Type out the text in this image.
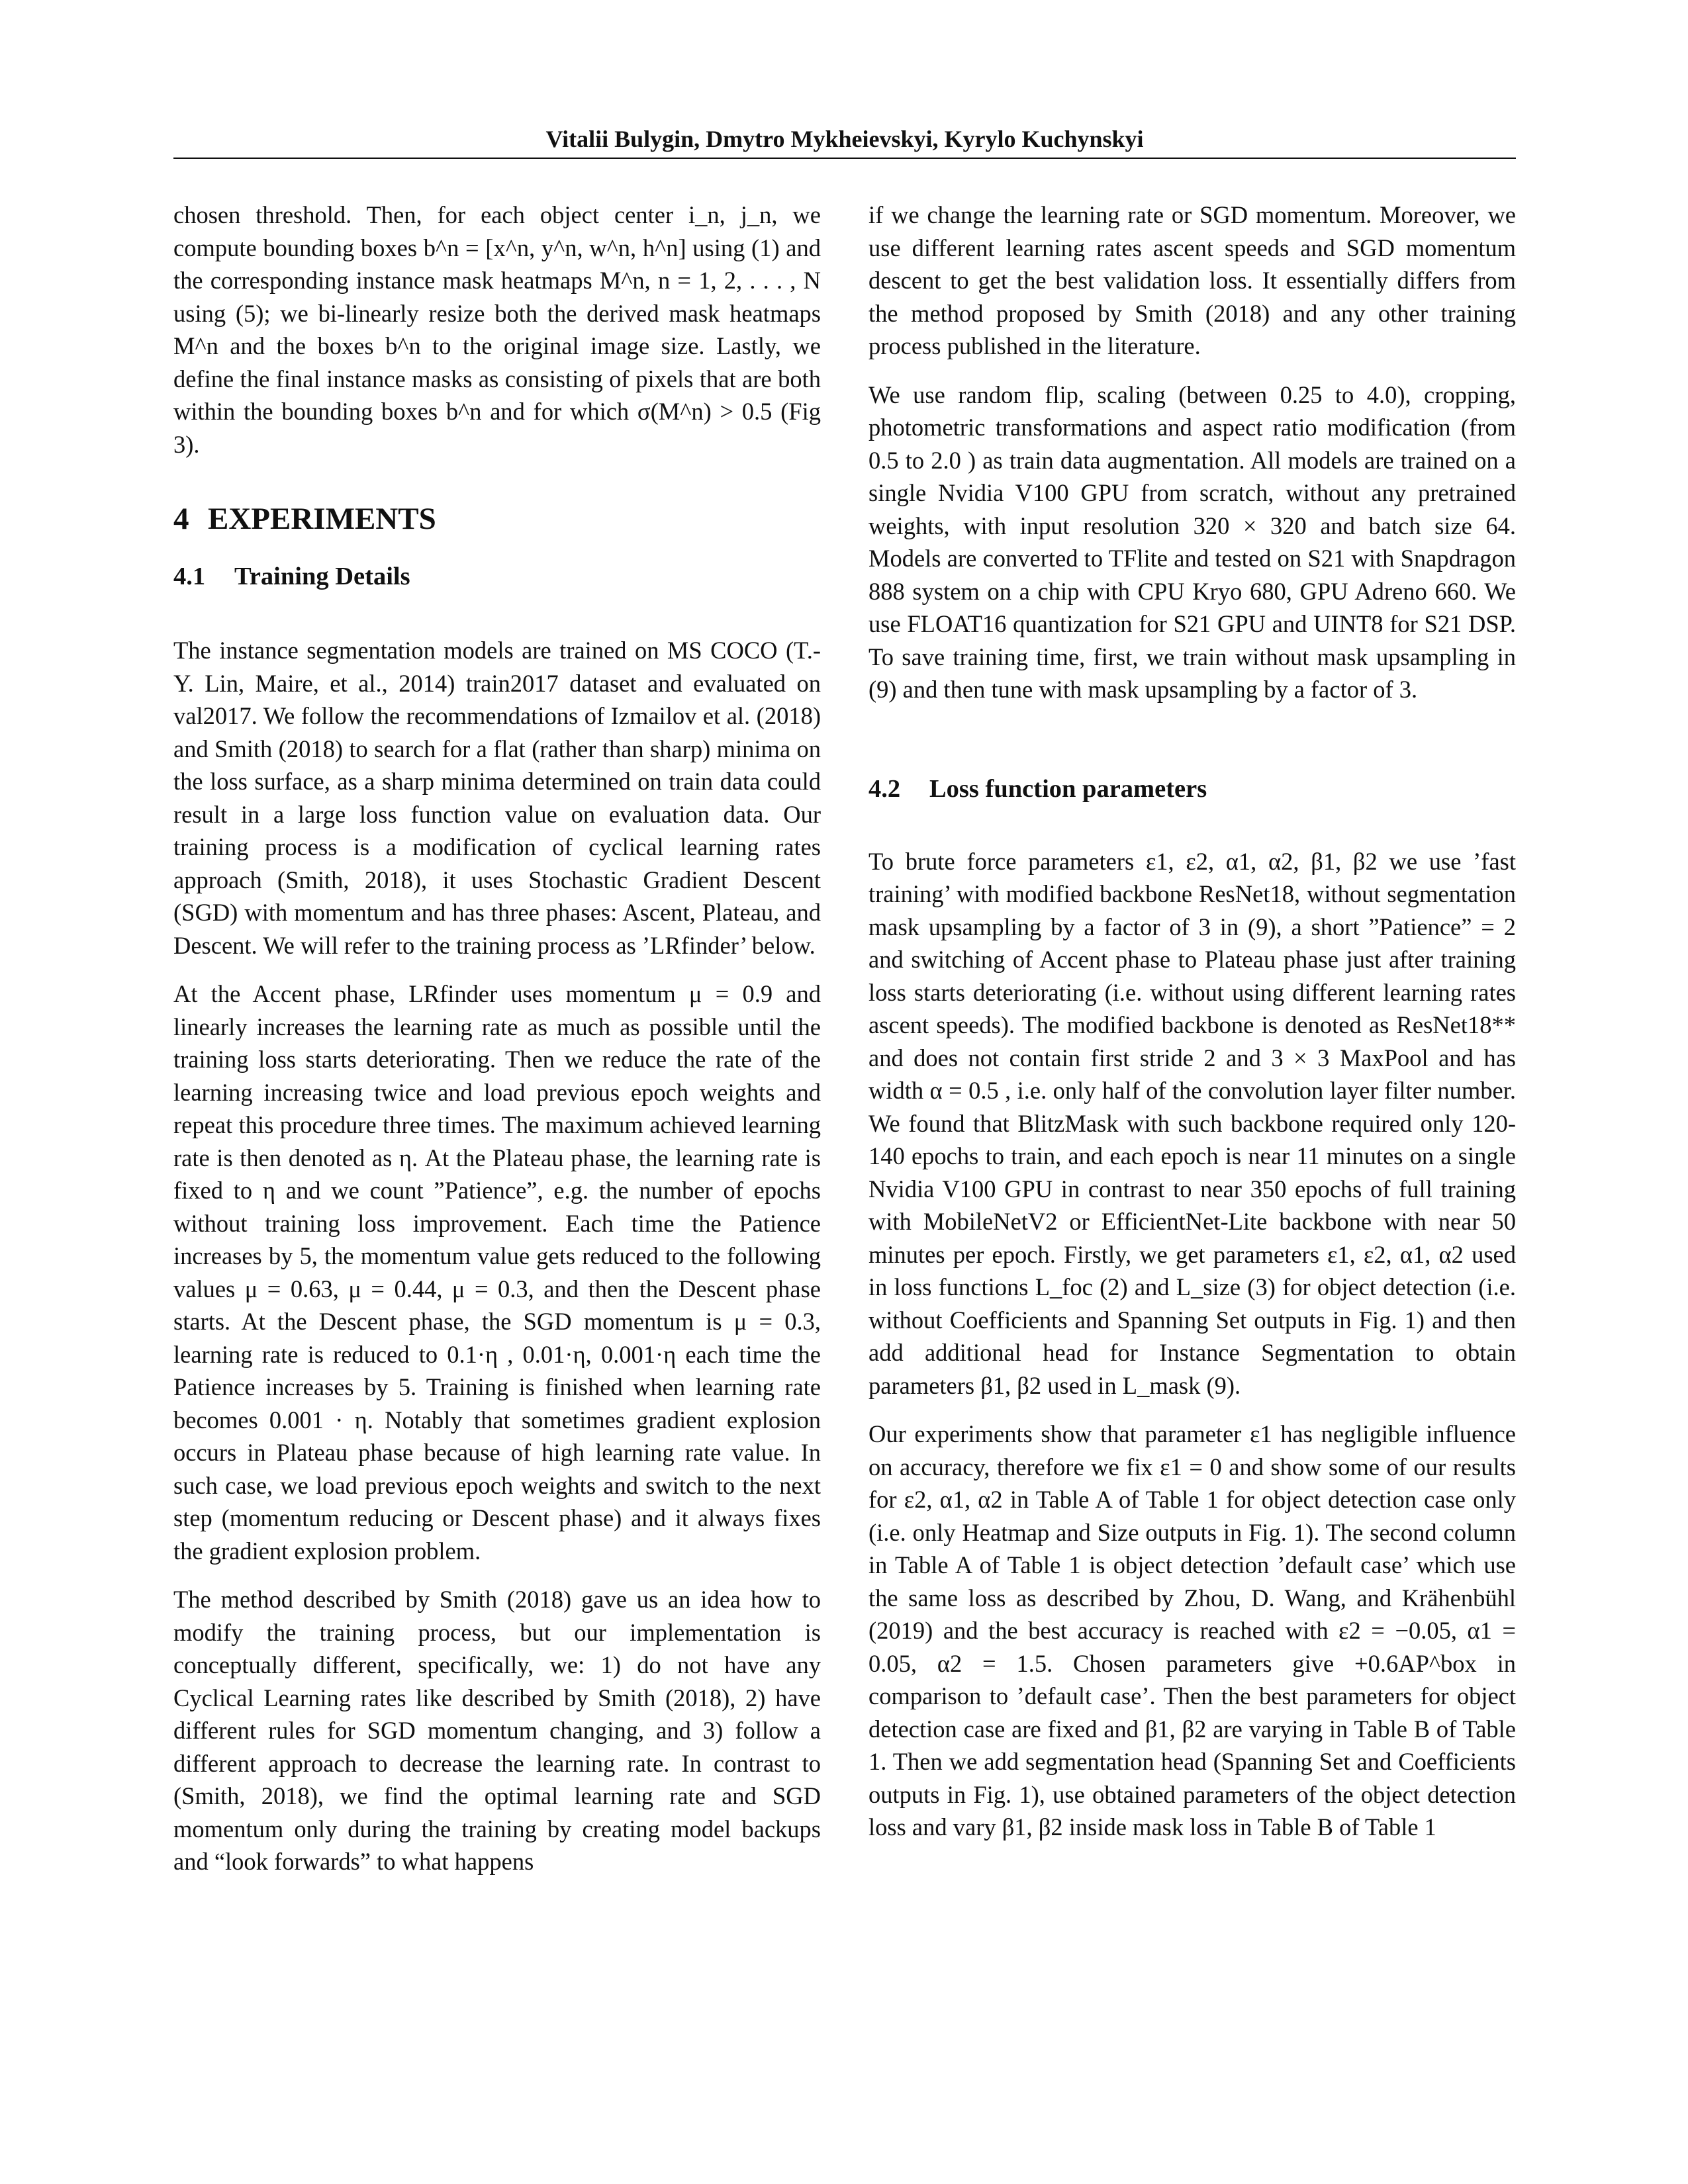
Vitalii Bulygin, Dmytro Mykheievskyi, Kyrylo Kuchynskyi

chosen threshold. Then, for each object center i_n, j_n, we compute bounding boxes b^n = [x^n, y^n, w^n, h^n] using (1) and the corresponding instance mask heatmaps M^n, n = 1, 2, . . . , N using (5); we bi-linearly resize both the derived mask heatmaps M^n and the boxes b^n to the original image size. Lastly, we define the final instance masks as consisting of pixels that are both within the bounding boxes b^n and for which σ(M^n) > 0.5 (Fig 3).

4 EXPERIMENTS
4.1 Training Details

The instance segmentation models are trained on MS COCO (T.-Y. Lin, Maire, et al., 2014) train2017 dataset and evaluated on val2017. We follow the recommendations of Izmailov et al. (2018) and Smith (2018) to search for a flat (rather than sharp) minima on the loss surface, as a sharp minima determined on train data could result in a large loss function value on evaluation data. Our training process is a modification of cyclical learning rates approach (Smith, 2018), it uses Stochastic Gradient Descent (SGD) with momentum and has three phases: Ascent, Plateau, and Descent. We will refer to the training process as ’LRfinder’ below.

At the Accent phase, LRfinder uses momentum μ = 0.9 and linearly increases the learning rate as much as possible until the training loss starts deteriorating. Then we reduce the rate of the learning increasing twice and load previous epoch weights and repeat this procedure three times. The maximum achieved learning rate is then denoted as η. At the Plateau phase, the learning rate is fixed to η and we count ”Patience”, e.g. the number of epochs without training loss improvement. Each time the Patience increases by 5, the momentum value gets reduced to the following values μ = 0.63, μ = 0.44, μ = 0.3, and then the Descent phase starts. At the Descent phase, the SGD momentum is μ = 0.3, learning rate is reduced to 0.1·η , 0.01·η, 0.001·η each time the Patience increases by 5. Training is finished when learning rate becomes 0.001 · η. Notably that sometimes gradient explosion occurs in Plateau phase because of high learning rate value. In such case, we load previous epoch weights and switch to the next step (momentum reducing or Descent phase) and it always fixes the gradient explosion problem.

The method described by Smith (2018) gave us an idea how to modify the training process, but our implementation is conceptually different, specifically, we: 1) do not have any Cyclical Learning rates like described by Smith (2018), 2) have different rules for SGD momentum changing, and 3) follow a different approach to decrease the learning rate. In contrast to (Smith, 2018), we find the optimal learning rate and SGD momentum only during the training by creating model backups and “look forwards” to what happens

if we change the learning rate or SGD momentum. Moreover, we use different learning rates ascent speeds and SGD momentum descent to get the best validation loss. It essentially differs from the method proposed by Smith (2018) and any other training process published in the literature.

We use random flip, scaling (between 0.25 to 4.0), cropping, photometric transformations and aspect ratio modification (from 0.5 to 2.0 ) as train data augmentation. All models are trained on a single Nvidia V100 GPU from scratch, without any pretrained weights, with input resolution 320 × 320 and batch size 64. Models are converted to TFlite and tested on S21 with Snapdragon 888 system on a chip with CPU Kryo 680, GPU Adreno 660. We use FLOAT16 quantization for S21 GPU and UINT8 for S21 DSP. To save training time, first, we train without mask upsampling in (9) and then tune with mask upsampling by a factor of 3.

4.2 Loss function parameters

To brute force parameters ε1, ε2, α1, α2, β1, β2 we use ’fast training’ with modified backbone ResNet18, without segmentation mask upsampling by a factor of 3 in (9), a short ”Patience” = 2 and switching of Accent phase to Plateau phase just after training loss starts deteriorating (i.e. without using different learning rates ascent speeds). The modified backbone is denoted as ResNet18** and does not contain first stride 2 and 3 × 3 MaxPool and has width α = 0.5 , i.e. only half of the convolution layer filter number. We found that BlitzMask with such backbone required only 120-140 epochs to train, and each epoch is near 11 minutes on a single Nvidia V100 GPU in contrast to near 350 epochs of full training with MobileNetV2 or EfficientNet-Lite backbone with near 50 minutes per epoch. Firstly, we get parameters ε1, ε2, α1, α2 used in loss functions L_foc (2) and L_size (3) for object detection (i.e. without Coefficients and Spanning Set outputs in Fig. 1) and then add additional head for Instance Segmentation to obtain parameters β1, β2 used in L_mask (9).

Our experiments show that parameter ε1 has negligible influence on accuracy, therefore we fix ε1 = 0 and show some of our results for ε2, α1, α2 in Table A of Table 1 for object detection case only (i.e. only Heatmap and Size outputs in Fig. 1). The second column in Table A of Table 1 is object detection ’default case’ which use the same loss as described by Zhou, D. Wang, and Krähenbühl (2019) and the best accuracy is reached with ε2 = −0.05, α1 = 0.05, α2 = 1.5. Chosen parameters give +0.6AP^box in comparison to ’default case’. Then the best parameters for object detection case are fixed and β1, β2 are varying in Table B of Table 1. Then we add segmentation head (Spanning Set and Coefficients outputs in Fig. 1), use obtained parameters of the object detection loss and vary β1, β2 inside mask loss in Table B of Table 1
